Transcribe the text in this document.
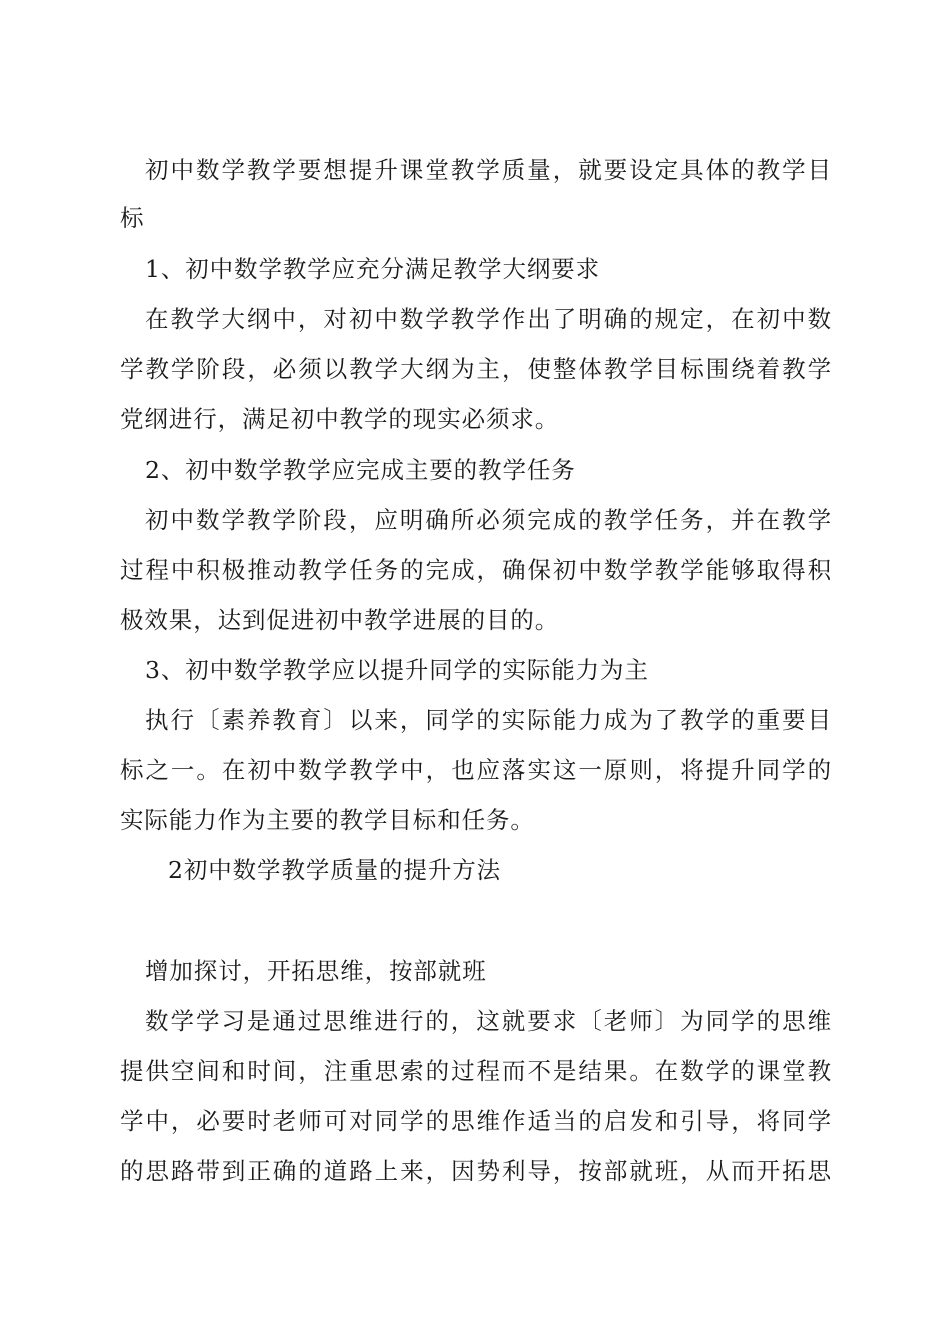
初中数学教学要想提升课堂教学质量，就要设定具体的教学目
标
1、初中数学教学应充分满足教学大纲要求
在教学大纲中，对初中数学教学作出了明确的规定，在初中数
学教学阶段，必须以教学大纲为主，使整体教学目标围绕着教学
党纲进行，满足初中教学的现实必须求。
2、初中数学教学应完成主要的教学任务
初中数学教学阶段，应明确所必须完成的教学任务，并在教学
过程中积极推动教学任务的完成，确保初中数学教学能够取得积
极效果，达到促进初中教学进展的目的。
3、初中数学教学应以提升同学的实际能力为主
执行〔素养教育〕以来，同学的实际能力成为了教学的重要目
标之一。在初中数学教学中，也应落实这一原则，将提升同学的
实际能力作为主要的教学目标和任务。
2初中数学教学质量的提升方法
增加探讨，开拓思维，按部就班
数学学习是通过思维进行的，这就要求〔老师〕为同学的思维
提供空间和时间，注重思索的过程而不是结果。在数学的课堂教
学中，必要时老师可对同学的思维作适当的启发和引导，将同学
的思路带到正确的道路上来，因势利导，按部就班，从而开拓思
